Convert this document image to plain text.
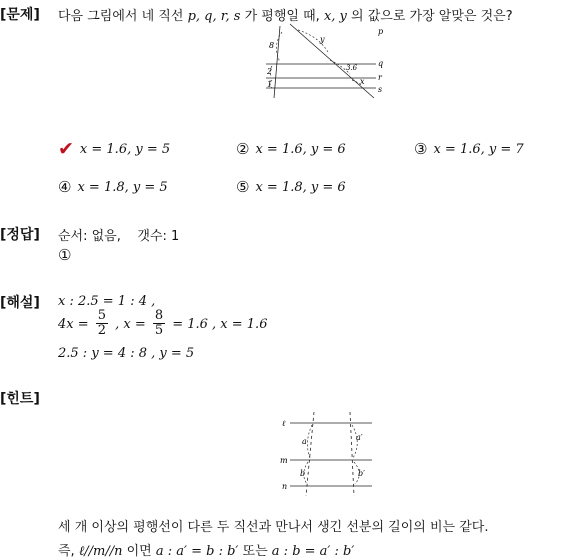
[문제] 다음 그림에서 네 직선 p, q, r, s 가 평행일 때, x, y 의 값으로 가장 알맞은 것은?
p
q
r
s
8
y
3.6
2
x
1
✔ x = 1.6, y = 5	② x = 1.6, y = 6	③ x = 1.6, y = 7
④ x = 1.8, y = 5	⑤ x = 1.8, y = 6
[정답] 순서: 없음, 갯수: 1
①
[해설] x : 2.5 = 1 : 4 ,
$4x = \frac{5}{2}$ , $x = \frac{8}{5} = 1.6$ , x = 1.6
2.5 : y = 4 : 8 , y = 5
[힌트]
ℓ
m
n
a
b
a′
b′
세 개 이상의 평행선이 다른 두 직선과 만나서 생긴 선분의 길이의 비는 같다.
즉, ℓ//m//n 이면 a : a′ = b : b′ 또는 a : b = a′ : b′
